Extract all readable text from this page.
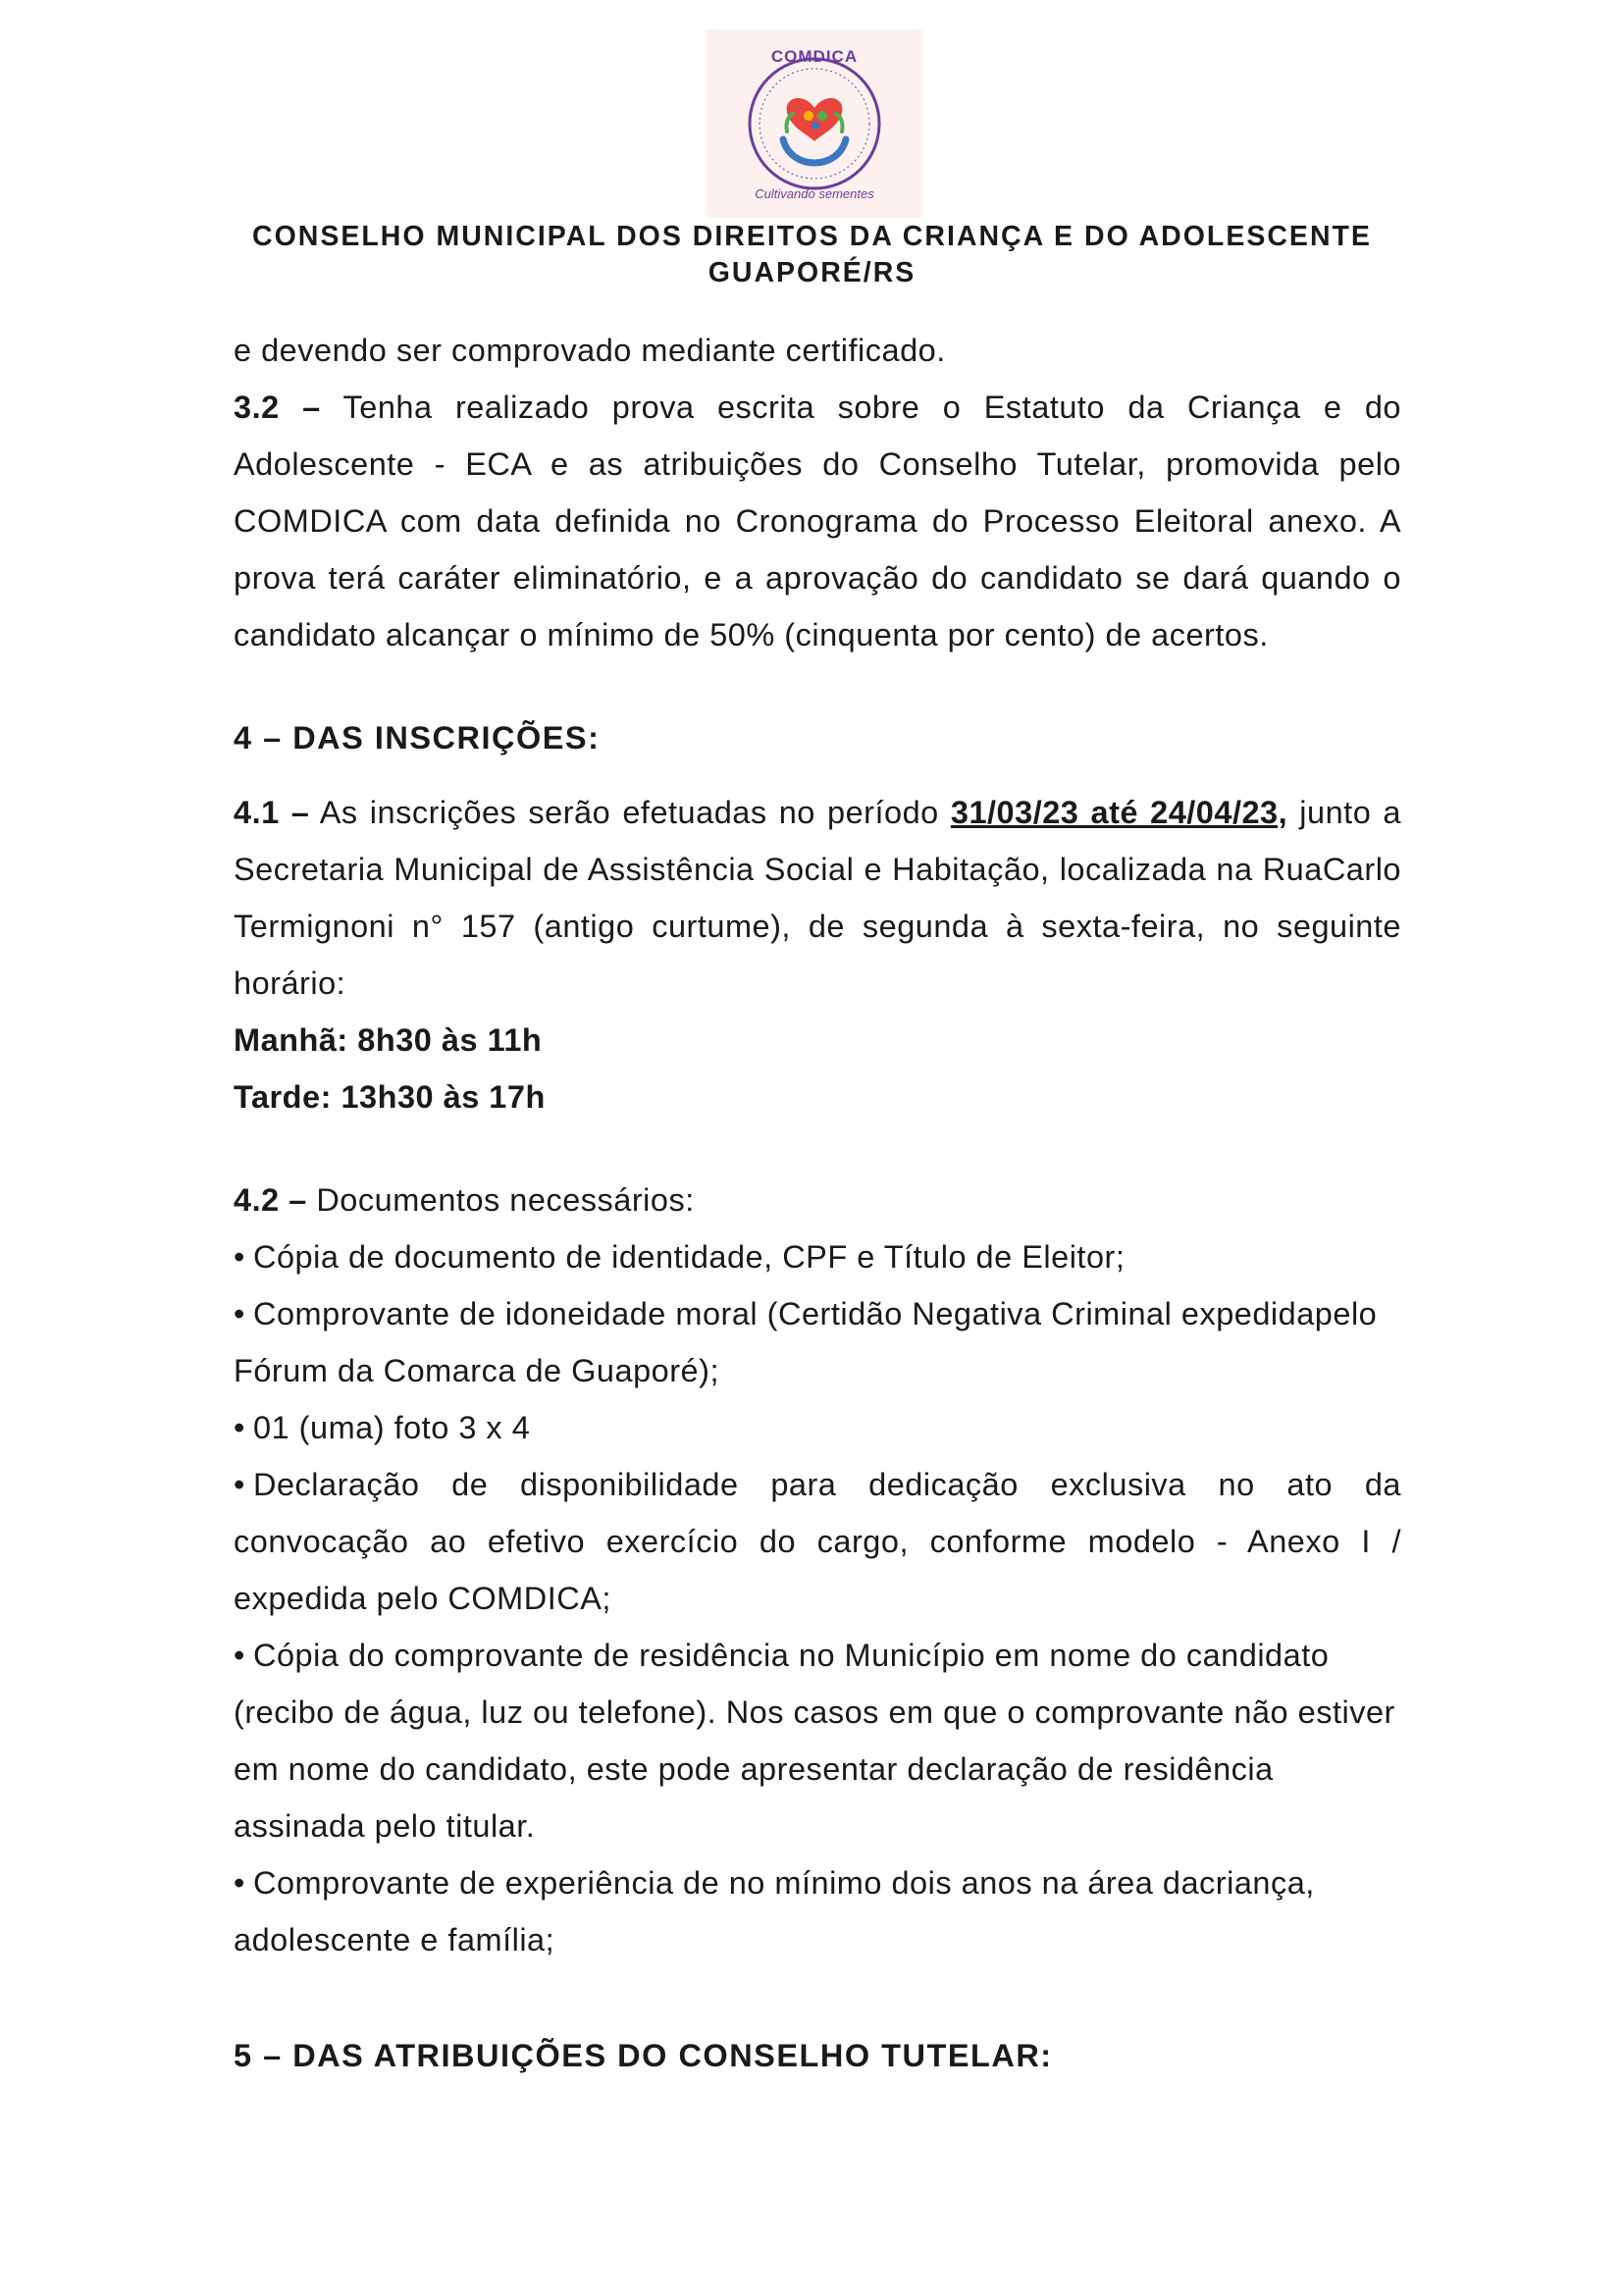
COMDICA
Cultivando sementes
CONSELHO MUNICIPAL DOS DIREITOS DA CRIANÇA E DO ADOLESCENTE
GUAPORÉ/RS

e devendo ser comprovado mediante certificado.

3.2 – Tenha realizado prova escrita sobre o Estatuto da Criança e do Adolescente - ECA e as atribuições do Conselho Tutelar, promovida pelo COMDICA com data definida no Cronograma do Processo Eleitoral anexo. A prova terá caráter eliminatório, e a aprovação do candidato se dará quando o candidato alcançar o mínimo de 50% (cinquenta por cento) de acertos.

4 – DAS INSCRIÇÕES:

4.1 – As inscrições serão efetuadas no período 31/03/23 até 24/04/23, junto a Secretaria Municipal de Assistência Social e Habitação, localizada na RuaCarlo Termignoni n° 157 (antigo curtume), de segunda à sexta-feira, no seguinte horário:

Manhã: 8h30 às 11h

Tarde: 13h30 às 17h

4.2 – Documentos necessários:

• Cópia de documento de identidade, CPF e Título de Eleitor;

• Comprovante de idoneidade moral (Certidão Negativa Criminal expedidapelo Fórum da Comarca de Guaporé);

• 01 (uma) foto 3 x 4

• Declaração de disponibilidade para dedicação exclusiva no ato da convocação ao efetivo exercício do cargo, conforme modelo - Anexo I / expedida pelo COMDICA;

• Cópia do comprovante de residência no Município em nome do candidato (recibo de água, luz ou telefone). Nos casos em que o comprovante não estiver em nome do candidato, este pode apresentar declaração de residência assinada pelo titular.

• Comprovante de experiência de no mínimo dois anos na área dacriança, adolescente e família;

5 – DAS ATRIBUIÇÕES DO CONSELHO TUTELAR:
